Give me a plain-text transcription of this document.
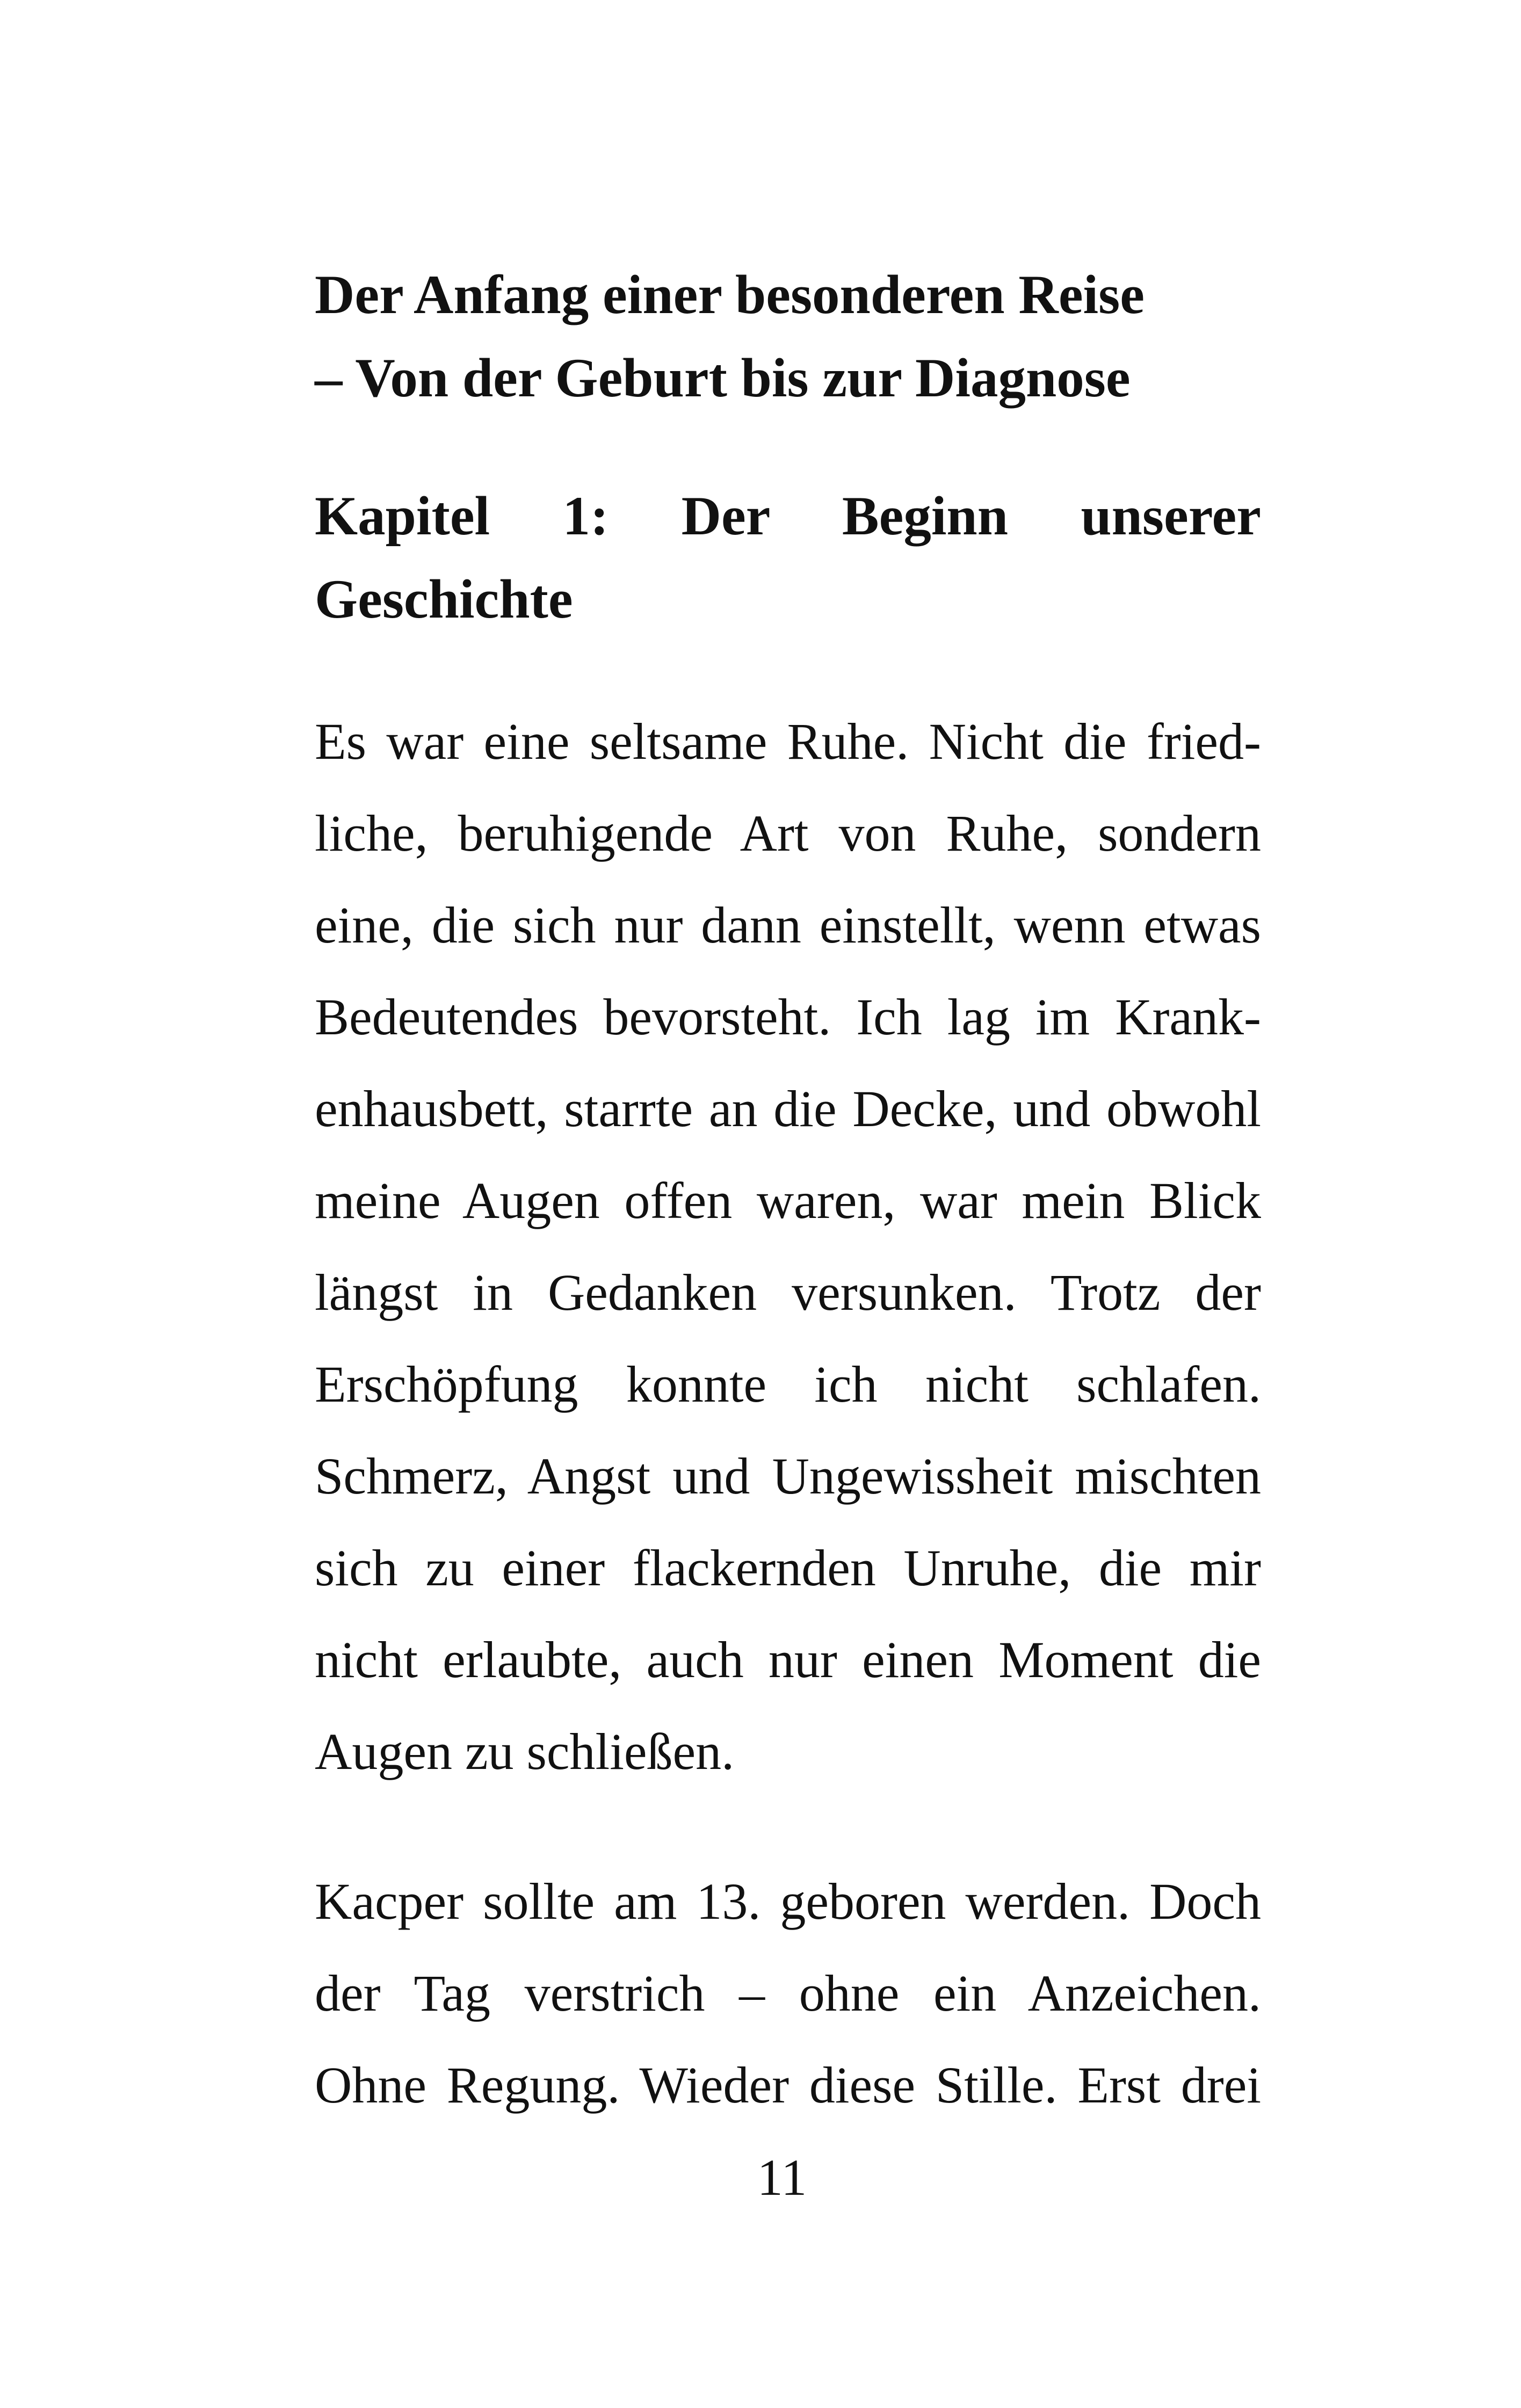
Der Anfang einer besonderen Reise
– Von der Geburt bis zur Diagnose
Kapitel 1: Der Beginn unserer
Geschichte
Es war eine seltsame Ruhe. Nicht die fried-
liche, beruhigende Art von Ruhe, sondern
eine, die sich nur dann einstellt, wenn etwas
Bedeutendes bevorsteht. Ich lag im Krank-
enhausbett, starrte an die Decke, und obwohl
meine Augen offen waren, war mein Blick
längst in Gedanken versunken. Trotz der
Erschöpfung konnte ich nicht schlafen.
Schmerz, Angst und Ungewissheit mischten
sich zu einer flackernden Unruhe, die mir
nicht erlaubte, auch nur einen Moment die
Augen zu schließen.
Kacper sollte am 13. geboren werden. Doch
der Tag verstrich – ohne ein Anzeichen.
Ohne Regung. Wieder diese Stille. Erst drei
11
